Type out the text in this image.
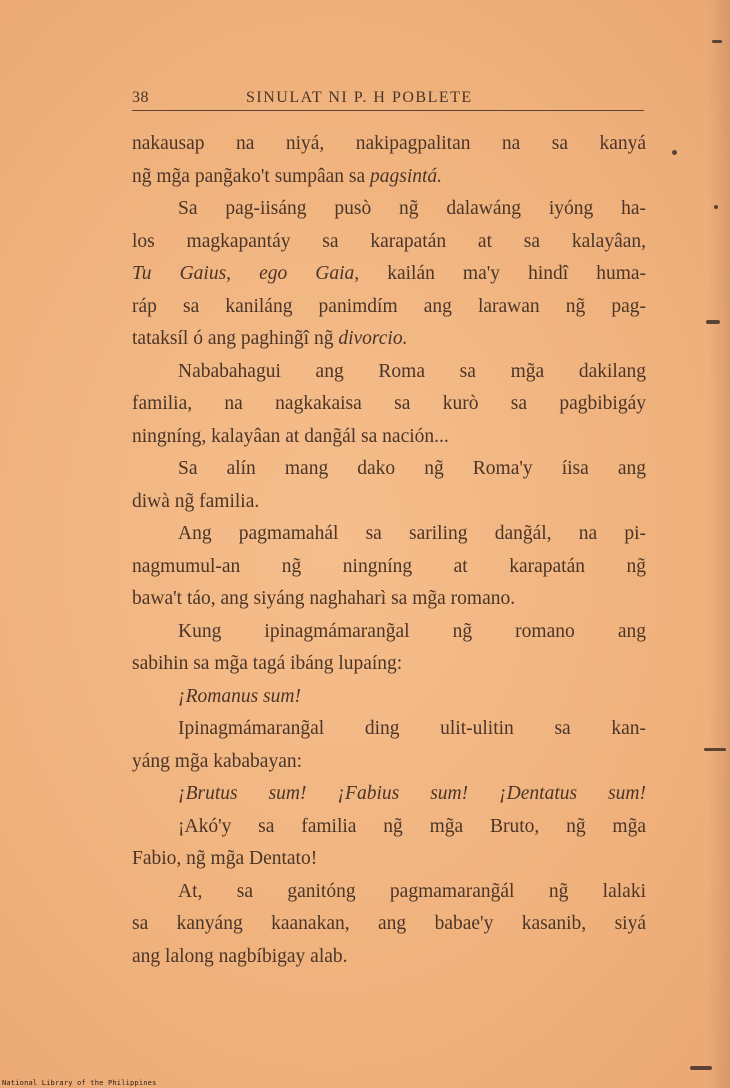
38	SINULAT NI P. H POBLETE
nakausap na niyá, nakipagpalitan na sa kanyá
ng̃ mg̃a pang̃ako't sumpâan sa pagsintá.
Sa pag-iisáng pusò ng̃ dalawáng iyóng ha-
los magkapantáy sa karapatán at sa kalayâan,
Tu Gaius, ego Gaia, kailán ma'y hindî huma-
ráp sa kaniláng panimdím ang larawan ng̃ pag-
tataksíl ó ang paghing̃î ng̃ divorcio.
Nababahagui ang Roma sa mg̃a dakilang
familia, na nagkakaisa sa kurò sa pagbibigáy
ningníng, kalayâan at dang̃ál sa nación...
Sa alín mang dako ng̃ Roma'y íisa ang
diwà ng̃ familia.
Ang pagmamahál sa sariling dang̃ál, na pi-
nagmumul-an ng̃ ningníng at karapatán ng̃
bawa't táo, ang siyáng naghaharì sa mg̃a romano.
Kung ipinagmámarang̃al ng̃ romano ang
sabihin sa mg̃a tagá ibáng lupaíng:
¡Romanus sum!
Ipinagmámarang̃al ding ulit-ulitin sa kan-
yáng mg̃a kababayan:
¡Brutus sum! ¡Fabius sum! ¡Dentatus sum!
¡Akó'y sa familia ng̃ mg̃a Bruto, ng̃ mg̃a
Fabio, ng̃ mg̃a Dentato!
At, sa ganitóng pagmamarang̃ál ng̃ lalaki
sa kanyáng kaanakan, ang babae'y kasanib, siyá
ang lalong nagbíbigay alab.
National Library of the Philippines
